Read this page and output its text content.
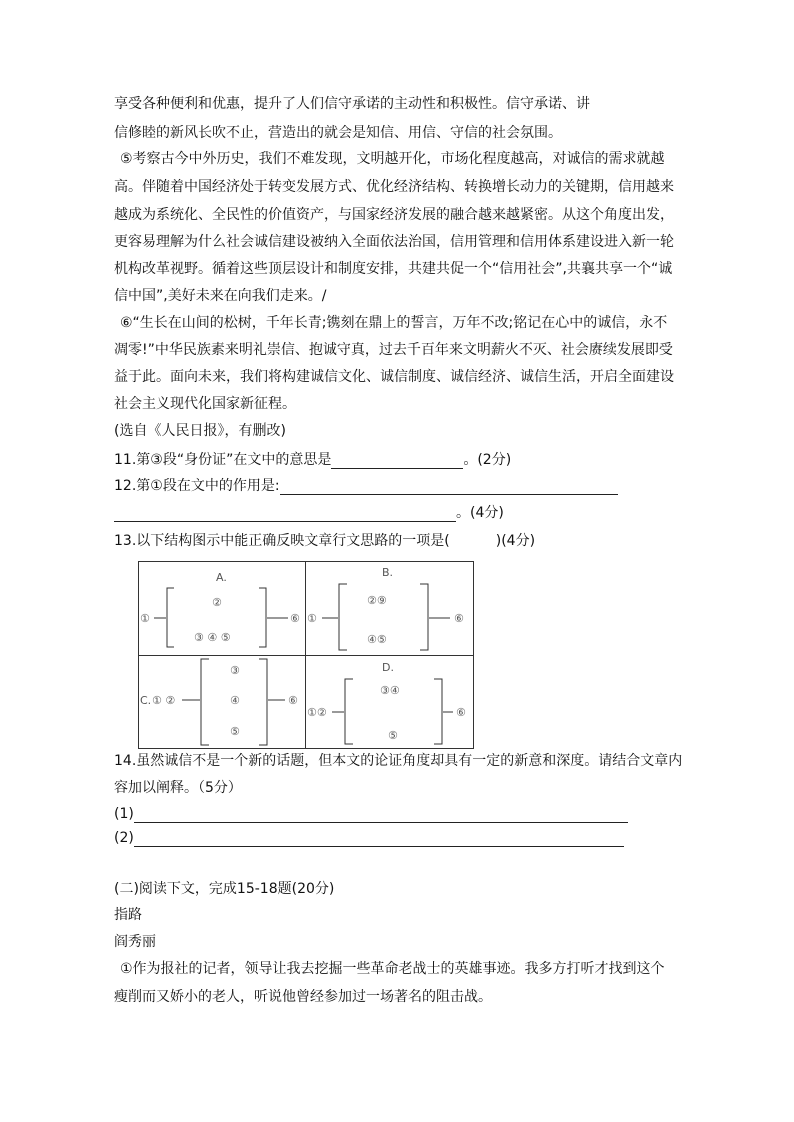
享受各种便利和优惠，提升了人们信守承诺的主动性和积极性。信守承诺、讲
信修睦的新风长吹不止，营造出的就会是知信、用信、守信的社会氛围。
⑤考察古今中外历史，我们不难发现，文明越开化，市场化程度越高，对诚信的需求就越
高。伴随着中国经济处于转变发展方式、优化经济结构、转换增长动力的关键期，信用越来
越成为系统化、全民性的价值资产，与国家经济发展的融合越来越紧密。从这个角度出发，
更容易理解为什么社会诚信建设被纳入全面依法治国，信用管理和信用体系建设进入新一轮
机构改革视野。循着这些顶层设计和制度安排，共建共促一个“信用社会”,共襄共享一个“诚
信中国”,美好未来在向我们走来。/
⑥“生长在山间的松树，千年长青;镌刻在鼎上的誓言，万年不改;铭记在心中的诚信，永不
凋零!”中华民族素来明礼崇信、抱诚守真，过去千百年来文明薪火不灭、社会赓续发展即受
益于此。面向未来，我们将构建诚信文化、诚信制度、诚信经济、诚信生活，开启全面建设
社会主义现代化国家新征程。
(选自《人民日报》，有删改)
11.第③段“身份证”在文中的意思是	。(2分)
12.第①段在文中的作用是:
。(4分)
13.以下结构图示中能正确反映文章行文思路的一项是(	)(4分)
A.
①	⑥
②
③ ④ ⑤
B.
①	⑥
②⑨
④⑤
C. ① ②	⑥
③
④
⑤
D.
①②	⑥
③④
⑤
14.虽然诚信不是一个新的话题，但本文的论证角度却具有一定的新意和深度。请结合文章内
容加以阐释。（5分）
(1)
(2)
(二)阅读下文，完成15-18题(20分)
指路
阎秀丽
①作为报社的记者，领导让我去挖掘一些革命老战士的英雄事迹。我多方打听才找到这个
瘦削而又娇小的老人，听说他曾经参加过一场著名的阻击战。
